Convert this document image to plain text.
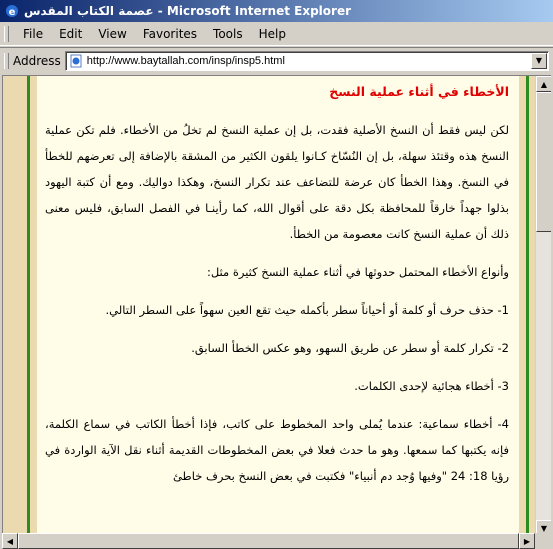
e عصمة الكتاب المقدس - Microsoft Internet Explorer
File	Edit	View	Favorites	Tools	Help
Address http://www.baytallah.com/insp/insp5.html	▼
الأخطاء في أثناء عملية النسخ

لكن ليس فقط أن النسخ الأصلية فقدت، بل إن عملية النسخ لم تخلُ من الأخطاء. فلم تكن عملية النسخ هذه وقتئذ سهلة، بل إن النُسّاخ كـانوا يلقون الكثير من المشقة بالإضافة إلى تعرضهم للخطأ في النسخ. وهذا الخطأ كان عرضة للتضاعف عند تكرار النسخ، وهكذا دواليك. ومع أن كتبة اليهود بذلوا جهداً خارقاً للمحافظة بكل دقة على أقوال الله، كما رأينـا في الفصل السابق، فليس معنى ذلك أن عملية النسخ كانت معصومة من الخطأ.

وأنواع الأخطاء المحتمل حدوثها في أثناء عملية النسخ كثيرة مثل:

1- حذف حرف أو كلمة أو أحياناً سطر بأكمله حيث تقع العين سهواً على السطر التالي.

2- تكرار كلمة أو سطر عن طريق السهو، وهو عكس الخطأ السابق.

3- أخطاء هجائية لإحدى الكلمات.

4- أخطاء سماعية: عندما يُملى واحد المخطوط على كاتب، فإذا أخطأ الكاتب في سماع الكلمة، فإنه يكتبها كما سمعها. وهو ما حدث فعلا في بعض المخطوطات القديمة أثناء نقل الآية الواردة في رؤيا 18: 24 "وفيها وُجد دم أنبياء" فكتبت في بعض النسخ بحرف خاطئ

▲
▼
◀	▶
